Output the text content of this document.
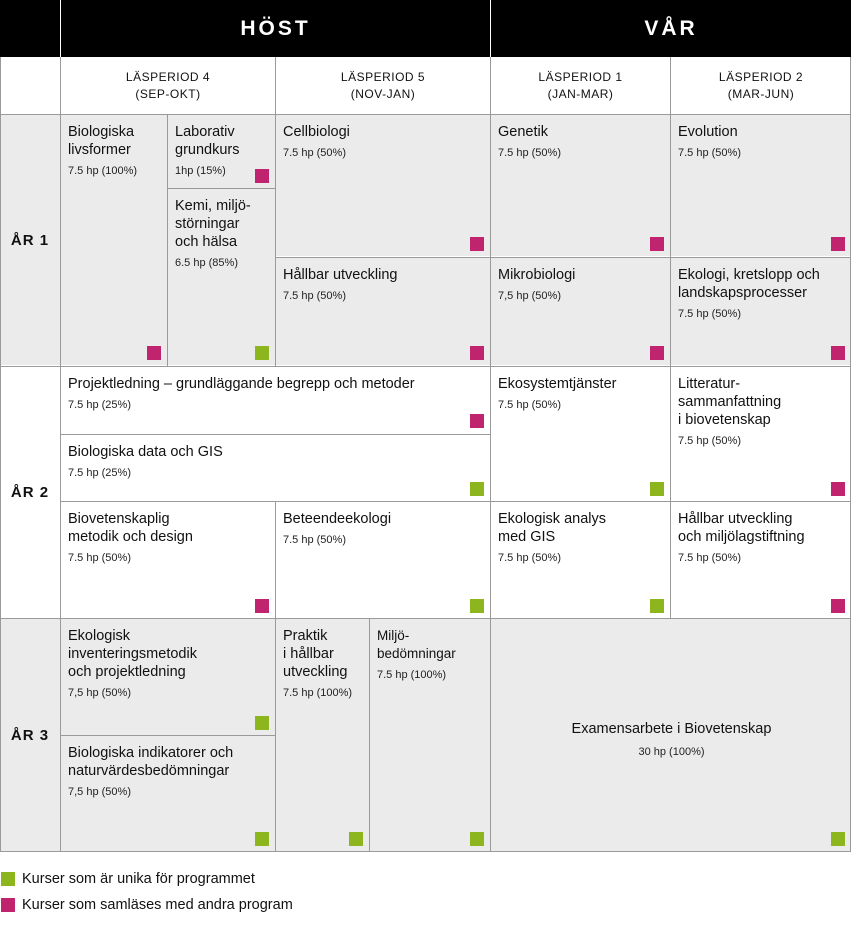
HÖST	VÅR
LÄSPERIOD 4
(SEP-OKT)
LÄSPERIOD 5
(NOV-JAN)
LÄSPERIOD 1
(JAN-MAR)
LÄSPERIOD 2
(MAR-JUN)
ÅR 1
ÅR 2
ÅR 3
Biologiska
livsformer
7.5 hp (100%)
Laborativ
grundkurs
1hp (15%)
Kemi, miljö-
störningar
och hälsa
6.5 hp (85%)
Cellbiologi
7.5 hp (50%)
Hållbar utveckling
7.5 hp (50%)
Genetik
7.5 hp (50%)
Mikrobiologi
7,5 hp (50%)
Evolution
7.5 hp (50%)
Ekologi, kretslopp och
landskapsprocesser
7.5 hp (50%)
Projektledning – grundläggande begrepp och metoder
7.5 hp (25%)
Biologiska data och GIS
7.5 hp (25%)
Ekosystemtjänster
7.5 hp (50%)
Litteratur-
sammanfattning
i biovetenskap
7.5 hp (50%)
Biovetenskaplig
metodik och design
7.5 hp (50%)
Beteendeekologi
7.5 hp (50%)
Ekologisk analys
med GIS
7.5 hp (50%)
Hållbar utveckling
och miljölagstiftning
7.5 hp (50%)
Ekologisk
inventeringsmetodik
och projektledning
7,5 hp (50%)
Biologiska indikatorer och
naturvärdesbedömningar
7,5 hp (50%)
Praktik
i hållbar
utveckling
7.5 hp (100%)
Miljö-
bedömningar
7.5 hp (100%)
Examensarbete i Biovetenskap
30 hp (100%)
Kurser som är unika för programmet
Kurser som samläses med andra program
